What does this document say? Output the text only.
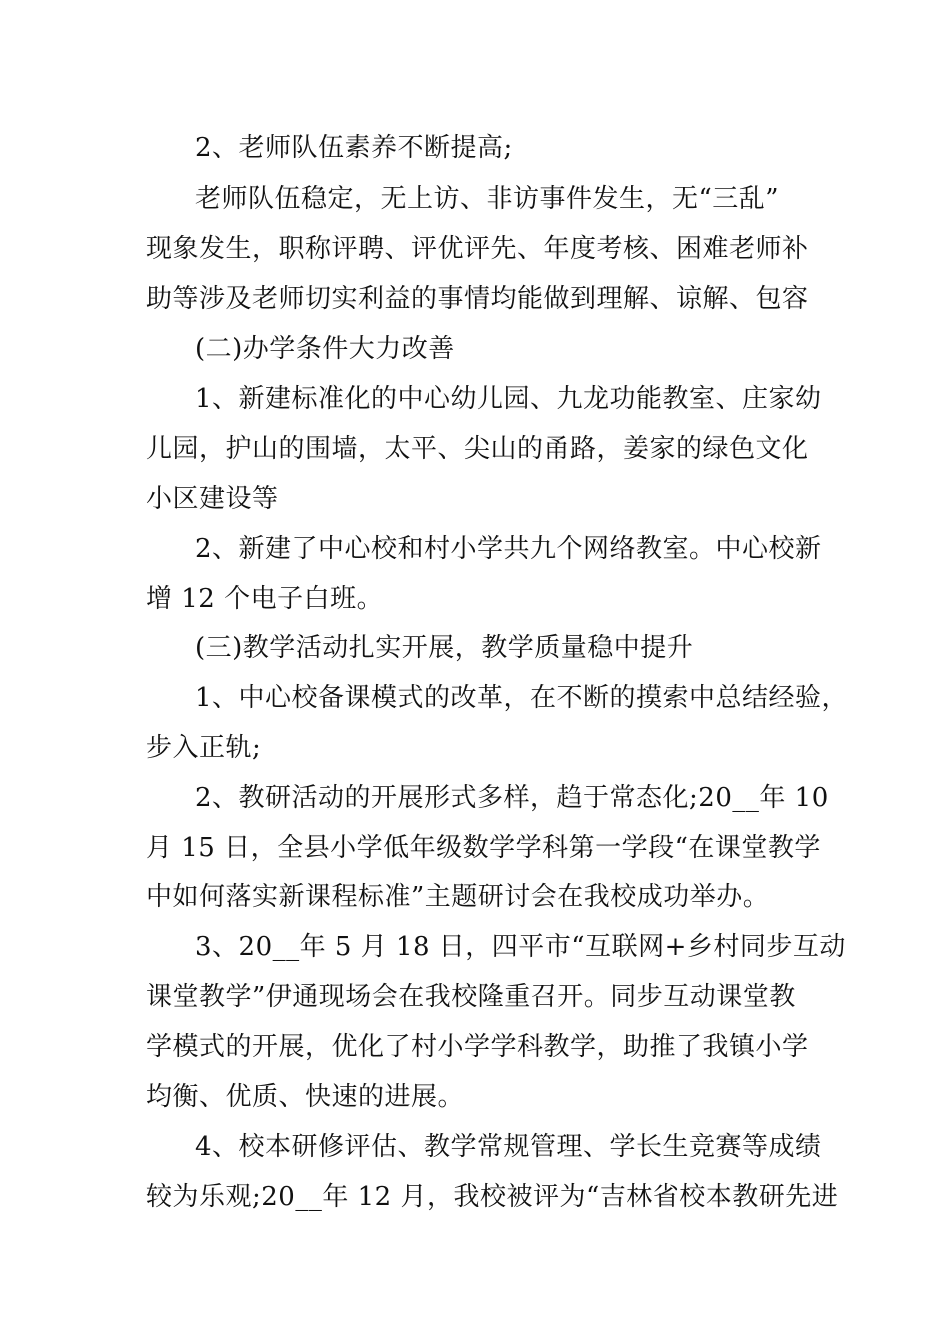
2、老师队伍素养不断提高;
老师队伍稳定，无上访、非访事件发生，无“三乱”
现象发生，职称评聘、评优评先、年度考核、困难老师补
助等涉及老师切实利益的事情均能做到理解、谅解、包容
(二)办学条件大力改善
1、新建标准化的中心幼儿园、九龙功能教室、庄家幼
儿园，护山的围墙，太平、尖山的甬路，姜家的绿色文化
小区建设等
2、新建了中心校和村小学共九个网络教室。中心校新
增 12 个电子白班。
(三)教学活动扎实开展，教学质量稳中提升
1、中心校备课模式的改革，在不断的摸索中总结经验，
步入正轨;
2、教研活动的开展形式多样，趋于常态化;20__年 10
月 15 日，全县小学低年级数学学科第一学段“在课堂教学
中如何落实新课程标准”主题研讨会在我校成功举办。
3、20__年 5 月 18 日，四平市“互联网+乡村同步互动
课堂教学”伊通现场会在我校隆重召开。同步互动课堂教
学模式的开展，优化了村小学学科教学，助推了我镇小学
均衡、优质、快速的进展。
4、校本研修评估、教学常规管理、学长生竞赛等成绩
较为乐观;20__年 12 月，我校被评为“吉林省校本教研先进
